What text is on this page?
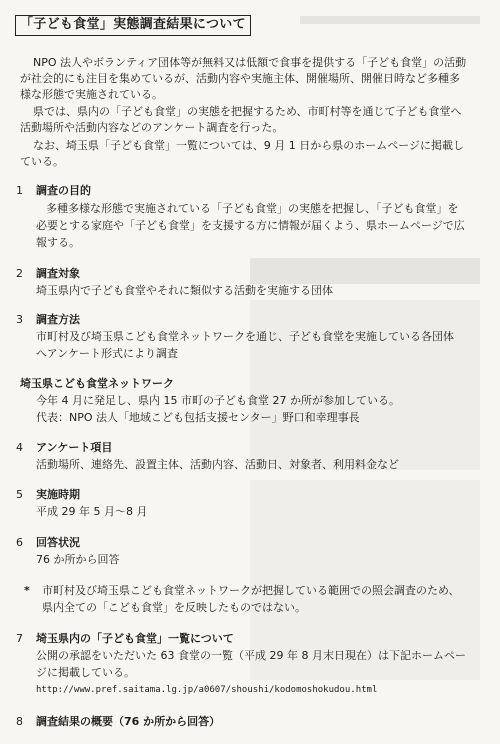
「子ども食堂」実態調査結果について
NPO 法人やボランティア団体等が無料又は低額で食事を提供する「子ども食堂」の活動
が社会的にも注目を集めているが、活動内容や実施主体、開催場所、開催日時など多種多
様な形態で実施されている。
県では、県内の「子ども食堂」の実態を把握するため、市町村等を通じて子ども食堂へ
活動場所や活動内容などのアンケート調査を行った。
なお、埼玉県「子ども食堂」一覧については、9 月 1 日から県のホームページに掲載し
ている。
1 調査の目的
多種多様な形態で実施されている「子ども食堂」の実態を把握し、「子ども食堂」を
必要とする家庭や「子ども食堂」を支援する方に情報が届くよう、県ホームページで広
報する。
2 調査対象
埼玉県内で子ども食堂やそれに類似する活動を実施する団体
3 調査方法
市町村及び埼玉県こども食堂ネットワークを通じ、子ども食堂を実施している各団体
へアンケート形式により調査
埼玉県こども食堂ネットワーク
今年 4 月に発足し、県内 15 市町の子ども食堂 27 か所が参加している。
代表：NPO 法人「地域こども包括支援センター」野口和幸理事長
4 アンケート項目
活動場所、連絡先、設置主体、活動内容、活動日、対象者、利用料金など
5 実施時期
平成 29 年 5 月～8 月
6 回答状況
76 か所から回答
* 市町村及び埼玉県こども食堂ネットワークが把握している範囲での照会調査のため、
県内全ての「こども食堂」を反映したものではない。
7 埼玉県内の「子ども食堂」一覧について
公開の承認をいただいた 63 食堂の一覧（平成 29 年 8 月末日現在）は下記ホームペー
ジに掲載している。
http://www.pref.saitama.lg.jp/a0607/shoushi/kodomoshokudou.html
8 調査結果の概要（76 か所から回答）
